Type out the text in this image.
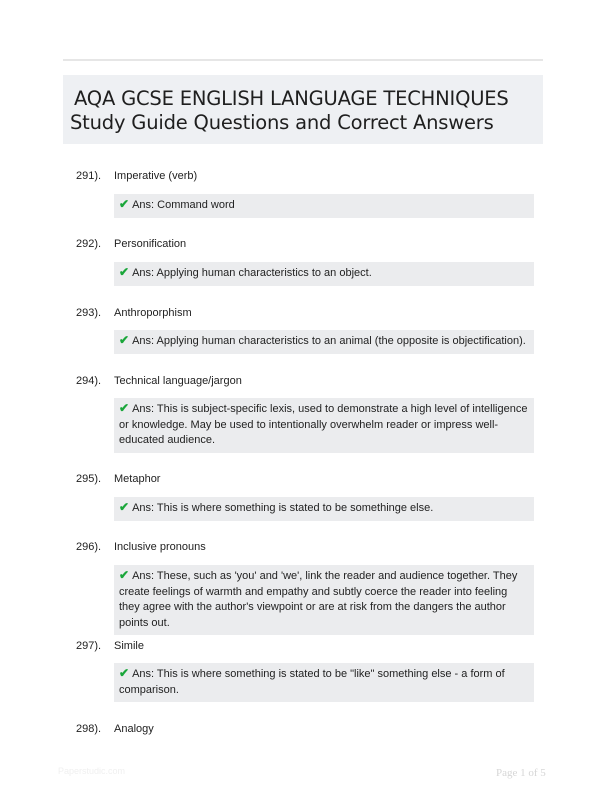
AQA GCSE ENGLISH LANGUAGE TECHNIQUES
Study Guide Questions and Correct Answers
291). Imperative (verb)
✔ Ans: Command word
292). Personification
✔ Ans: Applying human characteristics to an object.
293). Anthroporphism
✔ Ans: Applying human characteristics to an animal (the opposite is objectification).
294). Technical language/jargon
✔ Ans: This is subject-specific lexis, used to demonstrate a high level of intelligence or knowledge. May be used to intentionally overwhelm reader or impress well-educated audience.
295). Metaphor
✔ Ans: This is where something is stated to be somethinge else.
296). Inclusive pronouns
✔ Ans: These, such as 'you' and 'we', link the reader and audience together. They create feelings of warmth and empathy and subtly coerce the reader into feeling they agree with the author's viewpoint or are at risk from the dangers the author points out.
297). Simile
✔ Ans: This is where something is stated to be "like" something else - a form of comparison.
298). Analogy
Paperstudic.com	Page 1 of 5
